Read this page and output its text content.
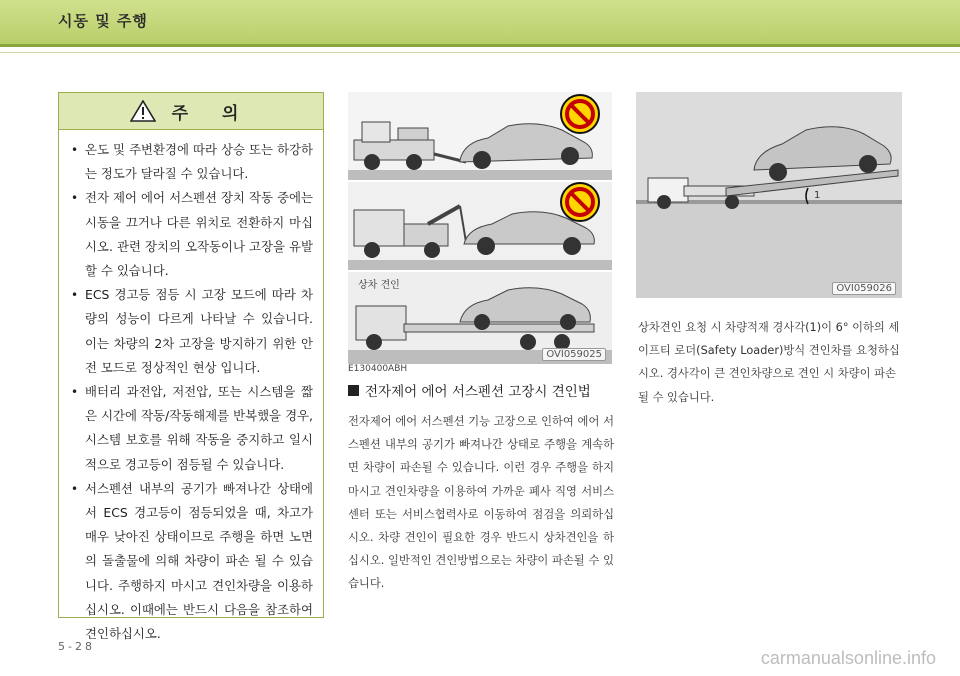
시동 및 주행
주 의
• 온도 및 주변환경에 따라 상승 또는 하강하는 정도가 달라질 수 있습니다.
• 전자 제어 에어 서스펜션 장치 작동 중에는 시동을 끄거나 다른 위치로 전환하지 마십시오. 관련 장치의 오작동이나 고장을 유발 할 수 있습니다.
• ECS 경고등 점등 시 고장 모드에 따라 차량의 성능이 다르게 나타날 수 있습니다. 이는 차량의 2차 고장을 방지하기 위한 안전 모드로 정상적인 현상 입니다.
• 배터리 과전압, 저전압, 또는 시스템을 짧은 시간에 작동/작동해제를 반복했을 경우, 시스템 보호를 위해 작동을 중지하고 일시적으로 경고등이 점등될 수 있습니다.
• 서스펜션 내부의 공기가 빠져나간 상태에서 ECS 경고등이 점등되었을 때, 차고가 매우 낮아진 상태이므로 주행을 하면 노면의 돌출물에 의해 차량이 파손 될 수 있습니다. 주행하지 마시고 견인차량을 이용하십시오. 이때에는 반드시 다음을 참조하여 견인하십시오.
상차 견인
OVI059025
1
OVI059026
E130400ABH
전자제어 에어 서스펜션 고장시 견인법
전자제어 에어 서스펜션 기능 고장으로 인하여 에어 서스펜션 내부의 공기가 빠져나간 상태로 주행을 계속하면 차량이 파손될 수 있습니다. 이런 경우 주행을 하지 마시고 견인차량을 이용하여 가까운 폐사 직영 서비스센터 또는 서비스협력사로 이동하여 점검을 의뢰하십시오. 차량 견인이 필요한 경우 반드시 상차견인을 하십시오. 일반적인 견인방법으로는 차량이 파손될 수 있습니다.
상차견인 요청 시 차량적재 경사각(1)이 6° 이하의 세이프티 로더(Safety Loader)방식 견인차를 요청하십시오. 경사각이 큰 견인차량으로 견인 시 차량이 파손될 수 있습니다.
5-28
carmanualsonline.info
